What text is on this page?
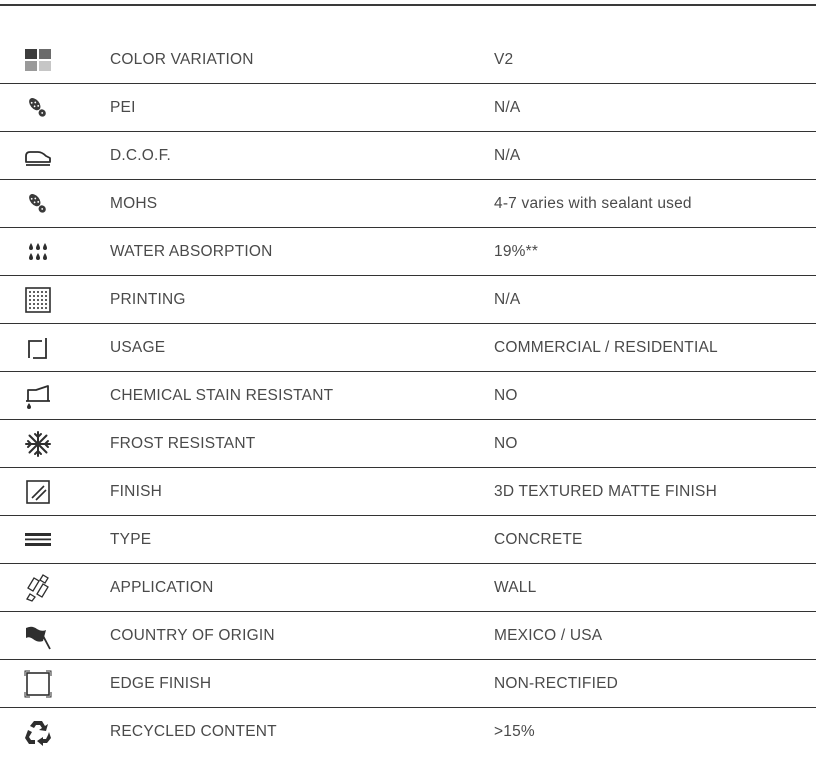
COLOR VARIATION	V2
PEI	N/A
D.C.O.F.	N/A
MOHS	4-7 varies with sealant used
WATER ABSORPTION	19%**
PRINTING	N/A
USAGE	COMMERCIAL / RESIDENTIAL
CHEMICAL STAIN RESISTANT	NO
FROST RESISTANT	NO
FINISH	3D TEXTURED MATTE FINISH
TYPE	CONCRETE
APPLICATION	WALL
COUNTRY OF ORIGIN	MEXICO / USA
EDGE FINISH	NON-RECTIFIED
RECYCLED CONTENT	>15%
